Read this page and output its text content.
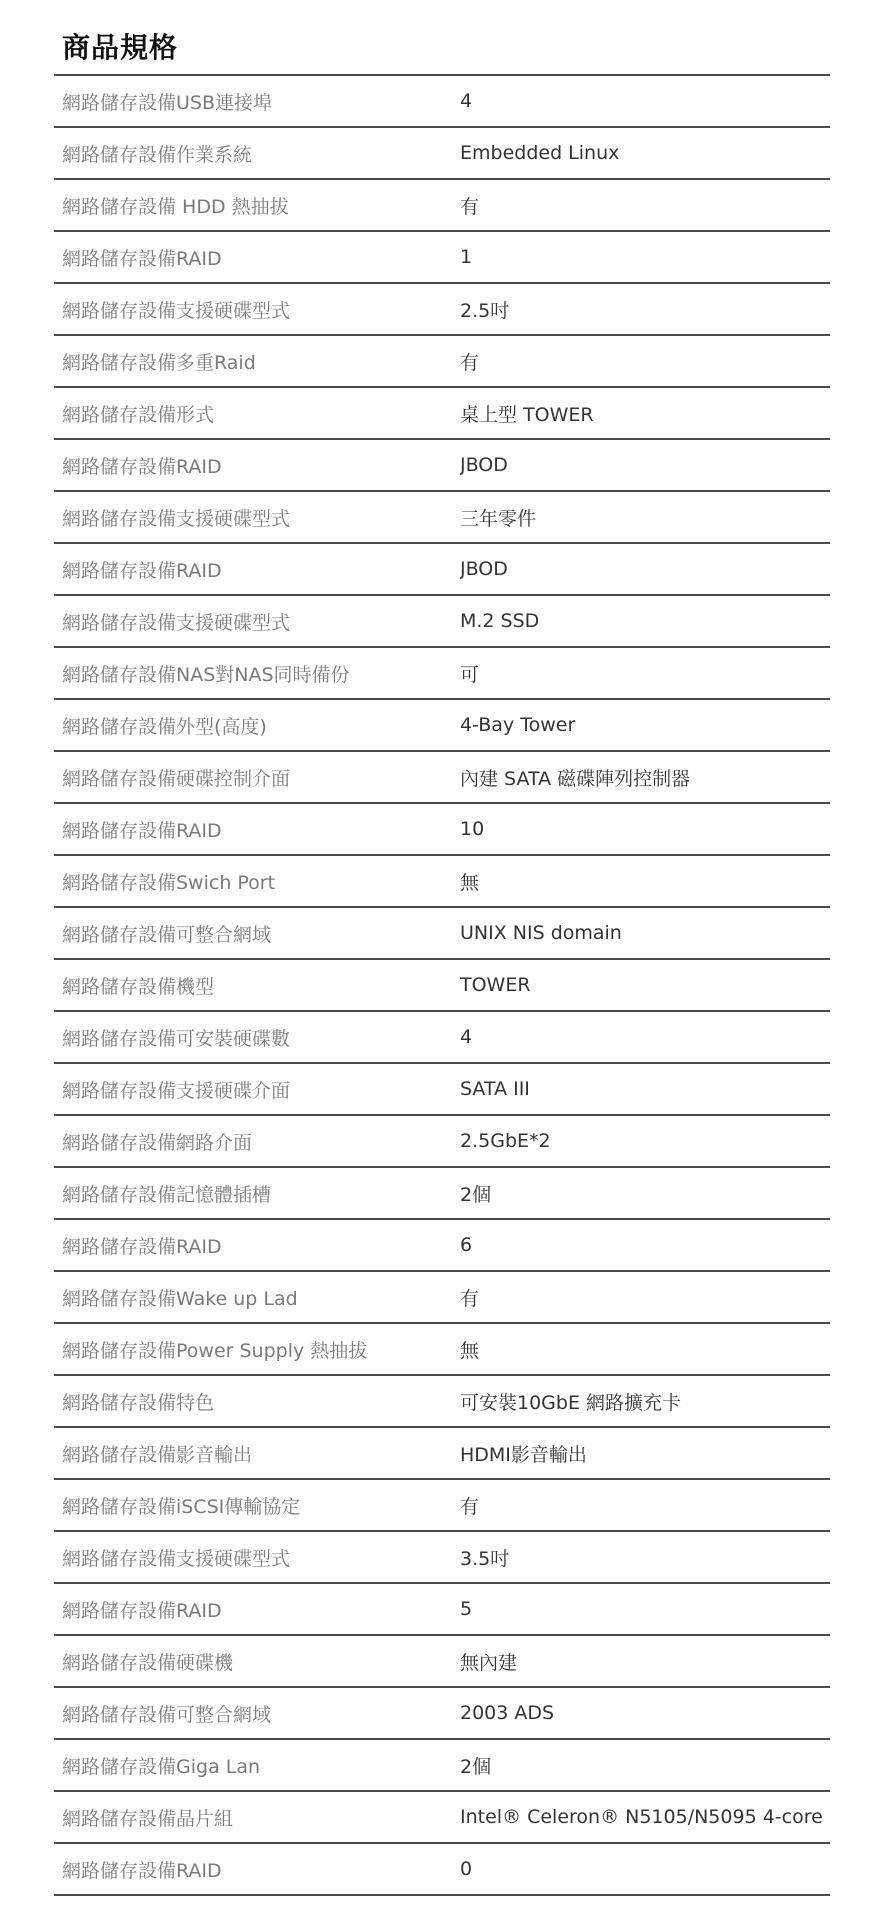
商品規格
網路儲存設備USB連接埠	4
網路儲存設備作業系統	Embedded Linux
網路儲存設備 HDD 熱抽拔	有
網路儲存設備RAID	1
網路儲存設備支援硬碟型式	2.5吋
網路儲存設備多重Raid	有
網路儲存設備形式	桌上型 TOWER
網路儲存設備RAID	JBOD
網路儲存設備支援硬碟型式	三年零件
網路儲存設備RAID	JBOD
網路儲存設備支援硬碟型式	M.2 SSD
網路儲存設備NAS對NAS同時備份	可
網路儲存設備外型(高度)	4-Bay Tower
網路儲存設備硬碟控制介面	內建 SATA 磁碟陣列控制器
網路儲存設備RAID	10
網路儲存設備Swich Port	無
網路儲存設備可整合網域	UNIX NIS domain
網路儲存設備機型	TOWER
網路儲存設備可安裝硬碟數	4
網路儲存設備支援硬碟介面	SATA III
網路儲存設備網路介面	2.5GbE*2
網路儲存設備記憶體插槽	2個
網路儲存設備RAID	6
網路儲存設備Wake up Lad	有
網路儲存設備Power Supply 熱抽拔	無
網路儲存設備特色	可安裝10GbE 網路擴充卡
網路儲存設備影音輸出	HDMI影音輸出
網路儲存設備iSCSI傳輸協定	有
網路儲存設備支援硬碟型式	3.5吋
網路儲存設備RAID	5
網路儲存設備硬碟機	無內建
網路儲存設備可整合網域	2003 ADS
網路儲存設備Giga Lan	2個
網路儲存設備晶片組	Intel® Celeron® N5105/N5095 4-core
網路儲存設備RAID	0
